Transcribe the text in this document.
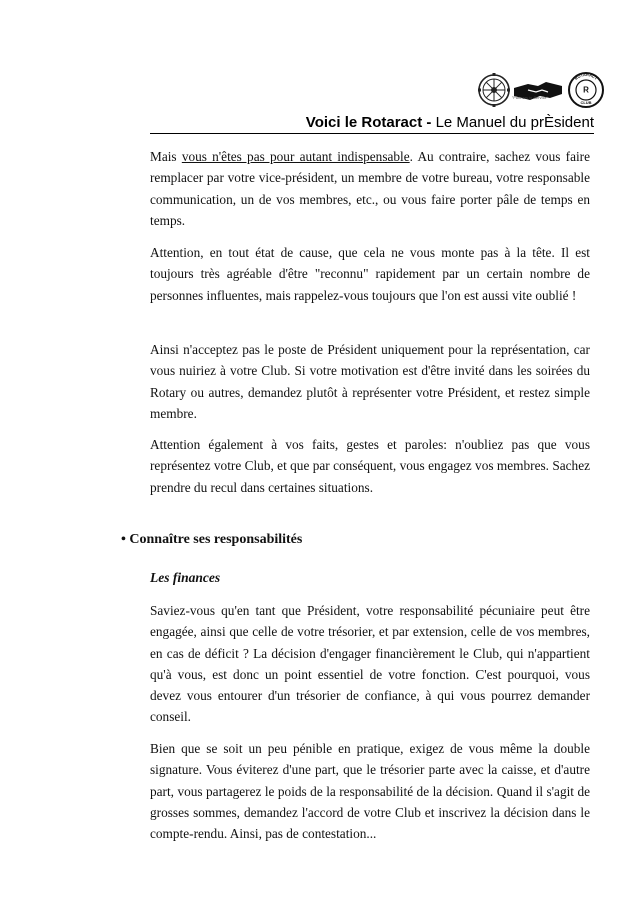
R
ROTARACT
CLUB
"Partners in Service"
Voici le Rotaract - Le Manuel du prÈsident
Mais vous n'êtes pas pour autant indispensable. Au contraire, sachez vous faire remplacer par votre vice-président, un membre de votre bureau, votre responsable communication, un de vos membres, etc., ou vous faire porter pâle de temps en temps.
Attention, en tout état de cause, que cela ne vous monte pas à la tête. Il est toujours très agréable d'être "reconnu" rapidement par un certain nombre de personnes influentes, mais rappelez-vous toujours que l'on est aussi vite oublié !
Ainsi n'acceptez pas le poste de Président uniquement pour la représentation, car vous nuiriez à votre Club. Si votre motivation est d'être invité dans les soirées du Rotary ou autres, demandez plutôt à représenter votre Président, et restez simple membre.
Attention également à vos faits, gestes et paroles: n'oubliez pas que vous représentez votre Club, et que par conséquent, vous engagez vos membres. Sachez prendre du recul dans certaines situations.
• Connaître ses responsabilités
Les finances
Saviez-vous qu'en tant que Président, votre responsabilité pécuniaire peut être engagée, ainsi que celle de votre trésorier, et par extension, celle de vos membres, en cas de déficit ? La décision d'engager financièrement le Club, qui n'appartient qu'à vous, est donc un point essentiel de votre fonction. C'est pourquoi, vous devez vous entourer d'un trésorier de confiance, à qui vous pourrez demander conseil.
Bien que se soit un peu pénible en pratique, exigez de vous même la double signature. Vous éviterez d'une part, que le trésorier parte avec la caisse, et d'autre part, vous partagerez le poids de la responsabilité de la décision. Quand il s'agit de grosses sommes, demandez l'accord de votre Club et inscrivez la décision dans le compte-rendu. Ainsi, pas de contestation...
